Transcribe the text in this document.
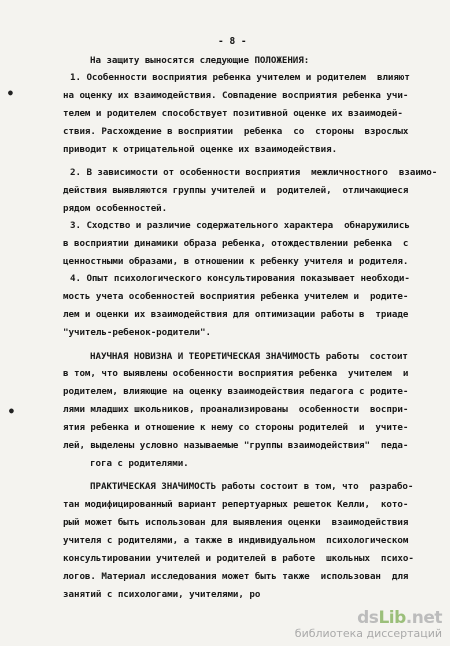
- 8 -
На защиту выносятся следующие ПОЛОЖЕНИЯ:
1. Особенности восприятия ребенка учителем и родителем  влияют
на оценку их взаимодействия. Совпадение восприятия ребенка учи-
телем и родителем способствует позитивной оценке их взаимодей-
ствия. Расхождение в восприятии  ребенка  со  стороны  взрослых
приводит к отрицательной оценке их взаимодействия.
2. В зависимости от особенности восприятия  межличностного  взаимо-
действия выявляются группы учителей и  родителей,  отличающиеся
рядом особенностей.
3. Сходство и различие содержательного характера  обнаружились
в восприятии динамики образа ребенка, отождествлении ребенка  с
ценностными образами, в отношении к ребенку учителя и родителя.
4. Опыт психологического консультирования показывает необходи-
мость учета особенностей восприятия ребенка учителем и  родите-
лем и оценки их взаимодействия для оптимизации работы в  триаде
"учитель-ребенок-родители".
НАУЧНАЯ НОВИЗНА И ТЕОРЕТИЧЕСКАЯ ЗНАЧИМОСТЬ работы  состоит
в том, что выявлены особенности восприятия ребенка  учителем  и
родителем, влияющие на оценку взаимодействия педагога с родите-
лями младших школьников, проанализированы  особенности  воспри-
ятия ребенка и отношение к нему со стороны родителей  и  учите-
лей, выделены условно называемые "группы взаимодействия"  педа-
гога с родителями.
ПРАКТИЧЕСКАЯ ЗНАЧИМОСТЬ работы состоит в том, что  разрабо-
тан модифицированный вариант репертуарных решеток Келли,  кото-
рый может быть использован для выявления оценки  взаимодействия
учителя с родителями, а также в индивидуальном  психологическом
консультировании учителей и родителей в работе  школьных  психо-
логов. Материал исследования может быть также  использован  для
занятий с психологами, учителями, ро
●
●
dsLib.net
библиотека диссертаций
